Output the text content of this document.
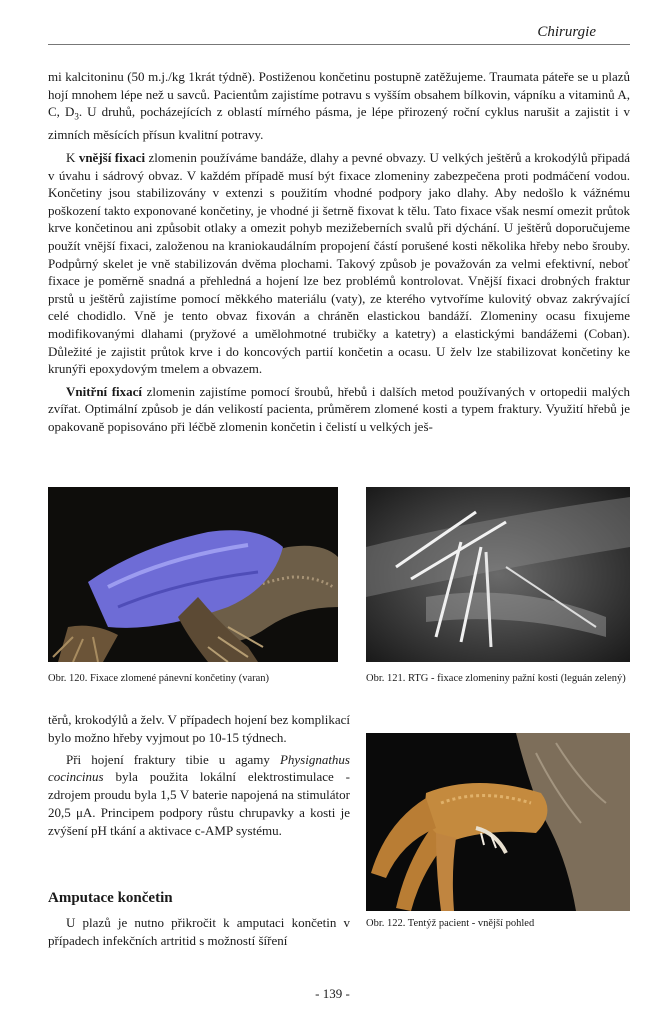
Chirurgie

mi kalcitoninu (50 m.j./kg 1krát týdně). Postiženou končetinu postupně zatěžujeme. Traumata páteře se u plazů hojí mnohem lépe než u savců. Pacientům zajistíme potravu s vyšším obsahem bílkovin, vápníku a vitaminů A, C, $D_3$. U druhů, pocházejících z oblastí mírného pásma, je lépe přirozený roční cyklus narušit a zajistit i v zimních měsících přísun kvalitní potravy.

K vnější fixaci zlomenin používáme bandáže, dlahy a pevné obvazy. U velkých ještěrů a krokodýlů připadá v úvahu i sádrový obvaz. V každém případě musí být fixace zlomeniny zabezpečena proti podmáčení vodou. Končetiny jsou stabilizovány v extenzi s použitím vhodné podpory jako dlahy. Aby nedošlo k vážnému poškození takto exponované končetiny, je vhodné ji šetrně fixovat k tělu. Tato fixace však nesmí omezit průtok krve končetinou ani způsobit otlaky a omezit pohyb mezižeberních svalů při dýchání. U ještěrů doporučujeme použít vnější fixaci, založenou na kraniokaudálním propojení částí porušené kosti několika hřeby nebo šrouby. Podpůrný skelet je vně stabilizován dvěma plochami. Takový způsob je považován za velmi efektivní, neboť fixace je poměrně snadná a přehledná a hojení lze bez problémů kontrolovat. Vnější fixaci drobných fraktur prstů u ještěrů zajistíme pomocí měkkého materiálu (vaty), ze kterého vytvoříme kulovitý obvaz zakrývající celé chodidlo. Vně je tento obvaz fixován a chráněn elastickou bandáží. Zlomeniny ocasu fixujeme modifikovanými dlahami (pryžové a umělohmotné trubičky a katetry) a elastickými bandážemi (Coban). Důležité je zajistit průtok krve i do koncových partií končetin a ocasu. U želv lze stabilizovat končetiny ke krunýři epoxydovým tmelem a obvazem.

Vnitřní fixací zlomenin zajistíme pomocí šroubů, hřebů i dalších metod používaných v ortopedii malých zvířat. Optimální způsob je dán velikostí pacienta, průměrem zlomené kosti a typem fraktury. Využití hřebů je opakovaně popisováno při léčbě zlomenin končetin i čelistí u velkých ješ-

Obr. 120. Fixace zlomené pánevní končetiny (varan)	Obr. 121. RTG - fixace zlomeniny pažní kosti (leguán zelený)

těrů, krokodýlů a želv. V případech hojení bez komplikací bylo možno hřeby vyjmout po 10-15 týdnech.

Při hojení fraktury tibie u agamy Physignathus cocincinus byla použita lokální elektrostimulace - zdrojem proudu byla 1,5 V baterie napojená na stimulátor 20,5 μA. Principem podpory růstu chrupavky a kosti je zvýšení pH tkání a aktivace c-AMP systému.

Amputace končetin

U plazů je nutno přikročit k amputaci končetin v případech infekčních artritid s možností šíření

Obr. 122. Tentýž pacient - vnější pohled
- 139 -
